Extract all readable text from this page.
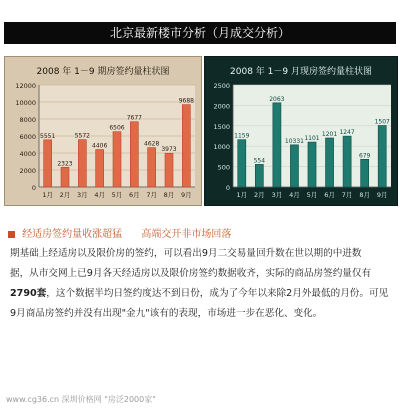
北京最新楼市分析（月成交分析）
2008 年 1－9 期房签约量柱状图
0
2000
4000
6000
8000
10000
12000
5551
1月
2323
2月
5572
3月
4406
4月
6506
5月
7677
6月
4628
7月
3973
8月
9688
9月
2008 年 1－9 月现房签约量柱状图
0
500
1000
1500
2000
2500
1159
1月
554
2月
2063
3月
10331
4月
1101
5月
1201
6月
1247
7月
679
8月
1507
9月
经适房签约量收涨超猛 高端交开非市场回落
期基础上经适房以及限价房的签约，可以看出9月二交易量回升数在世以期的中进数
据，从市交网上已9月各天经适房以及限价房签约数据收齐，实际的商品房签约量仅有
2790套，这个数据半均日签约度达不到日份，成为了今年以来除2月外最低的月份。可见
9月商品房签约并没有出现"金九"该有的表现，市场进一步在恶化、变化。
www.cg36.cn 深圳价格网 "房泛2000家"
